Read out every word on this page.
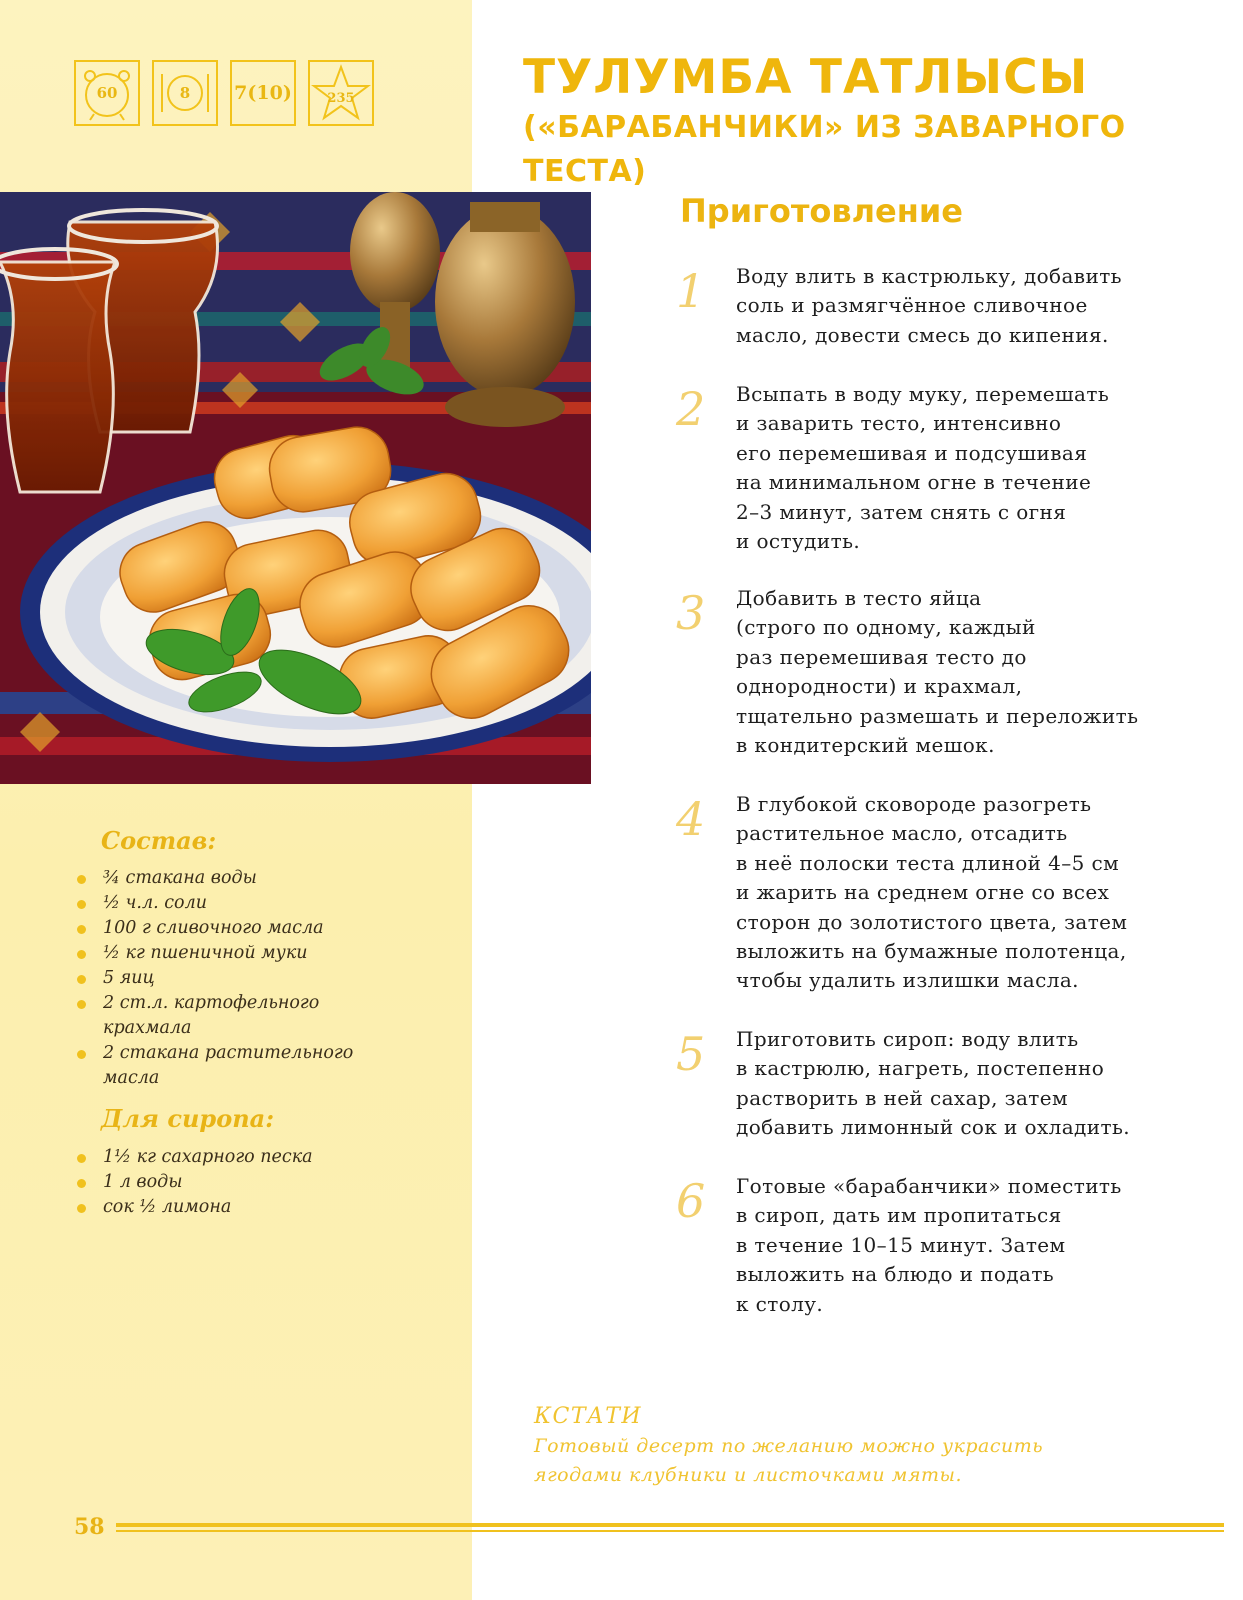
60	8 7(10)	235	ТУЛУМБА ТАТЛЫСЫ
(«БАРАБАНЧИКИ» ИЗ ЗАВАРНОГО ТЕСТА)
Состав:
¾ стакана воды
½ ч.л. соли
100 г сливочного масла
½ кг пшеничной муки
5 яиц
2 ст.л. картофельного
крахмала
2 стакана растительного
масла
Для сиропа:
1½ кг сахарного песка
1 л воды
сок ½ лимона
Приготовление
1	Воду влить в кастрюльку, добавить
соль и размягчённое сливочное
масло, довести смесь до кипения.
2	Всыпать в воду муку, перемешать
и заварить тесто, интенсивно
его перемешивая и подсушивая
на минимальном огне в течение
2–3 минут, затем снять с огня
и остудить.
3	Добавить в тесто яйца
(строго по одному, каждый
раз перемешивая тесто до
однородности) и крахмал,
тщательно размешать и переложить
в кондитерский мешок.
4	В глубокой сковороде разогреть
растительное масло, отсадить
в неё полоски теста длиной 4–5 см
и жарить на среднем огне со всех
сторон до золотистого цвета, затем
выложить на бумажные полотенца,
чтобы удалить излишки масла.
5	Приготовить сироп: воду влить
в кастрюлю, нагреть, постепенно
растворить в ней сахар, затем
добавить лимонный сок и охладить.
6	Готовые «барабанчики» поместить
в сироп, дать им пропитаться
в течение 10–15 минут. Затем
выложить на блюдо и подать
к столу.

КСТАТИ

Готовый десерт по желанию можно украсить
ягодами клубники и листочками мяты.

58
